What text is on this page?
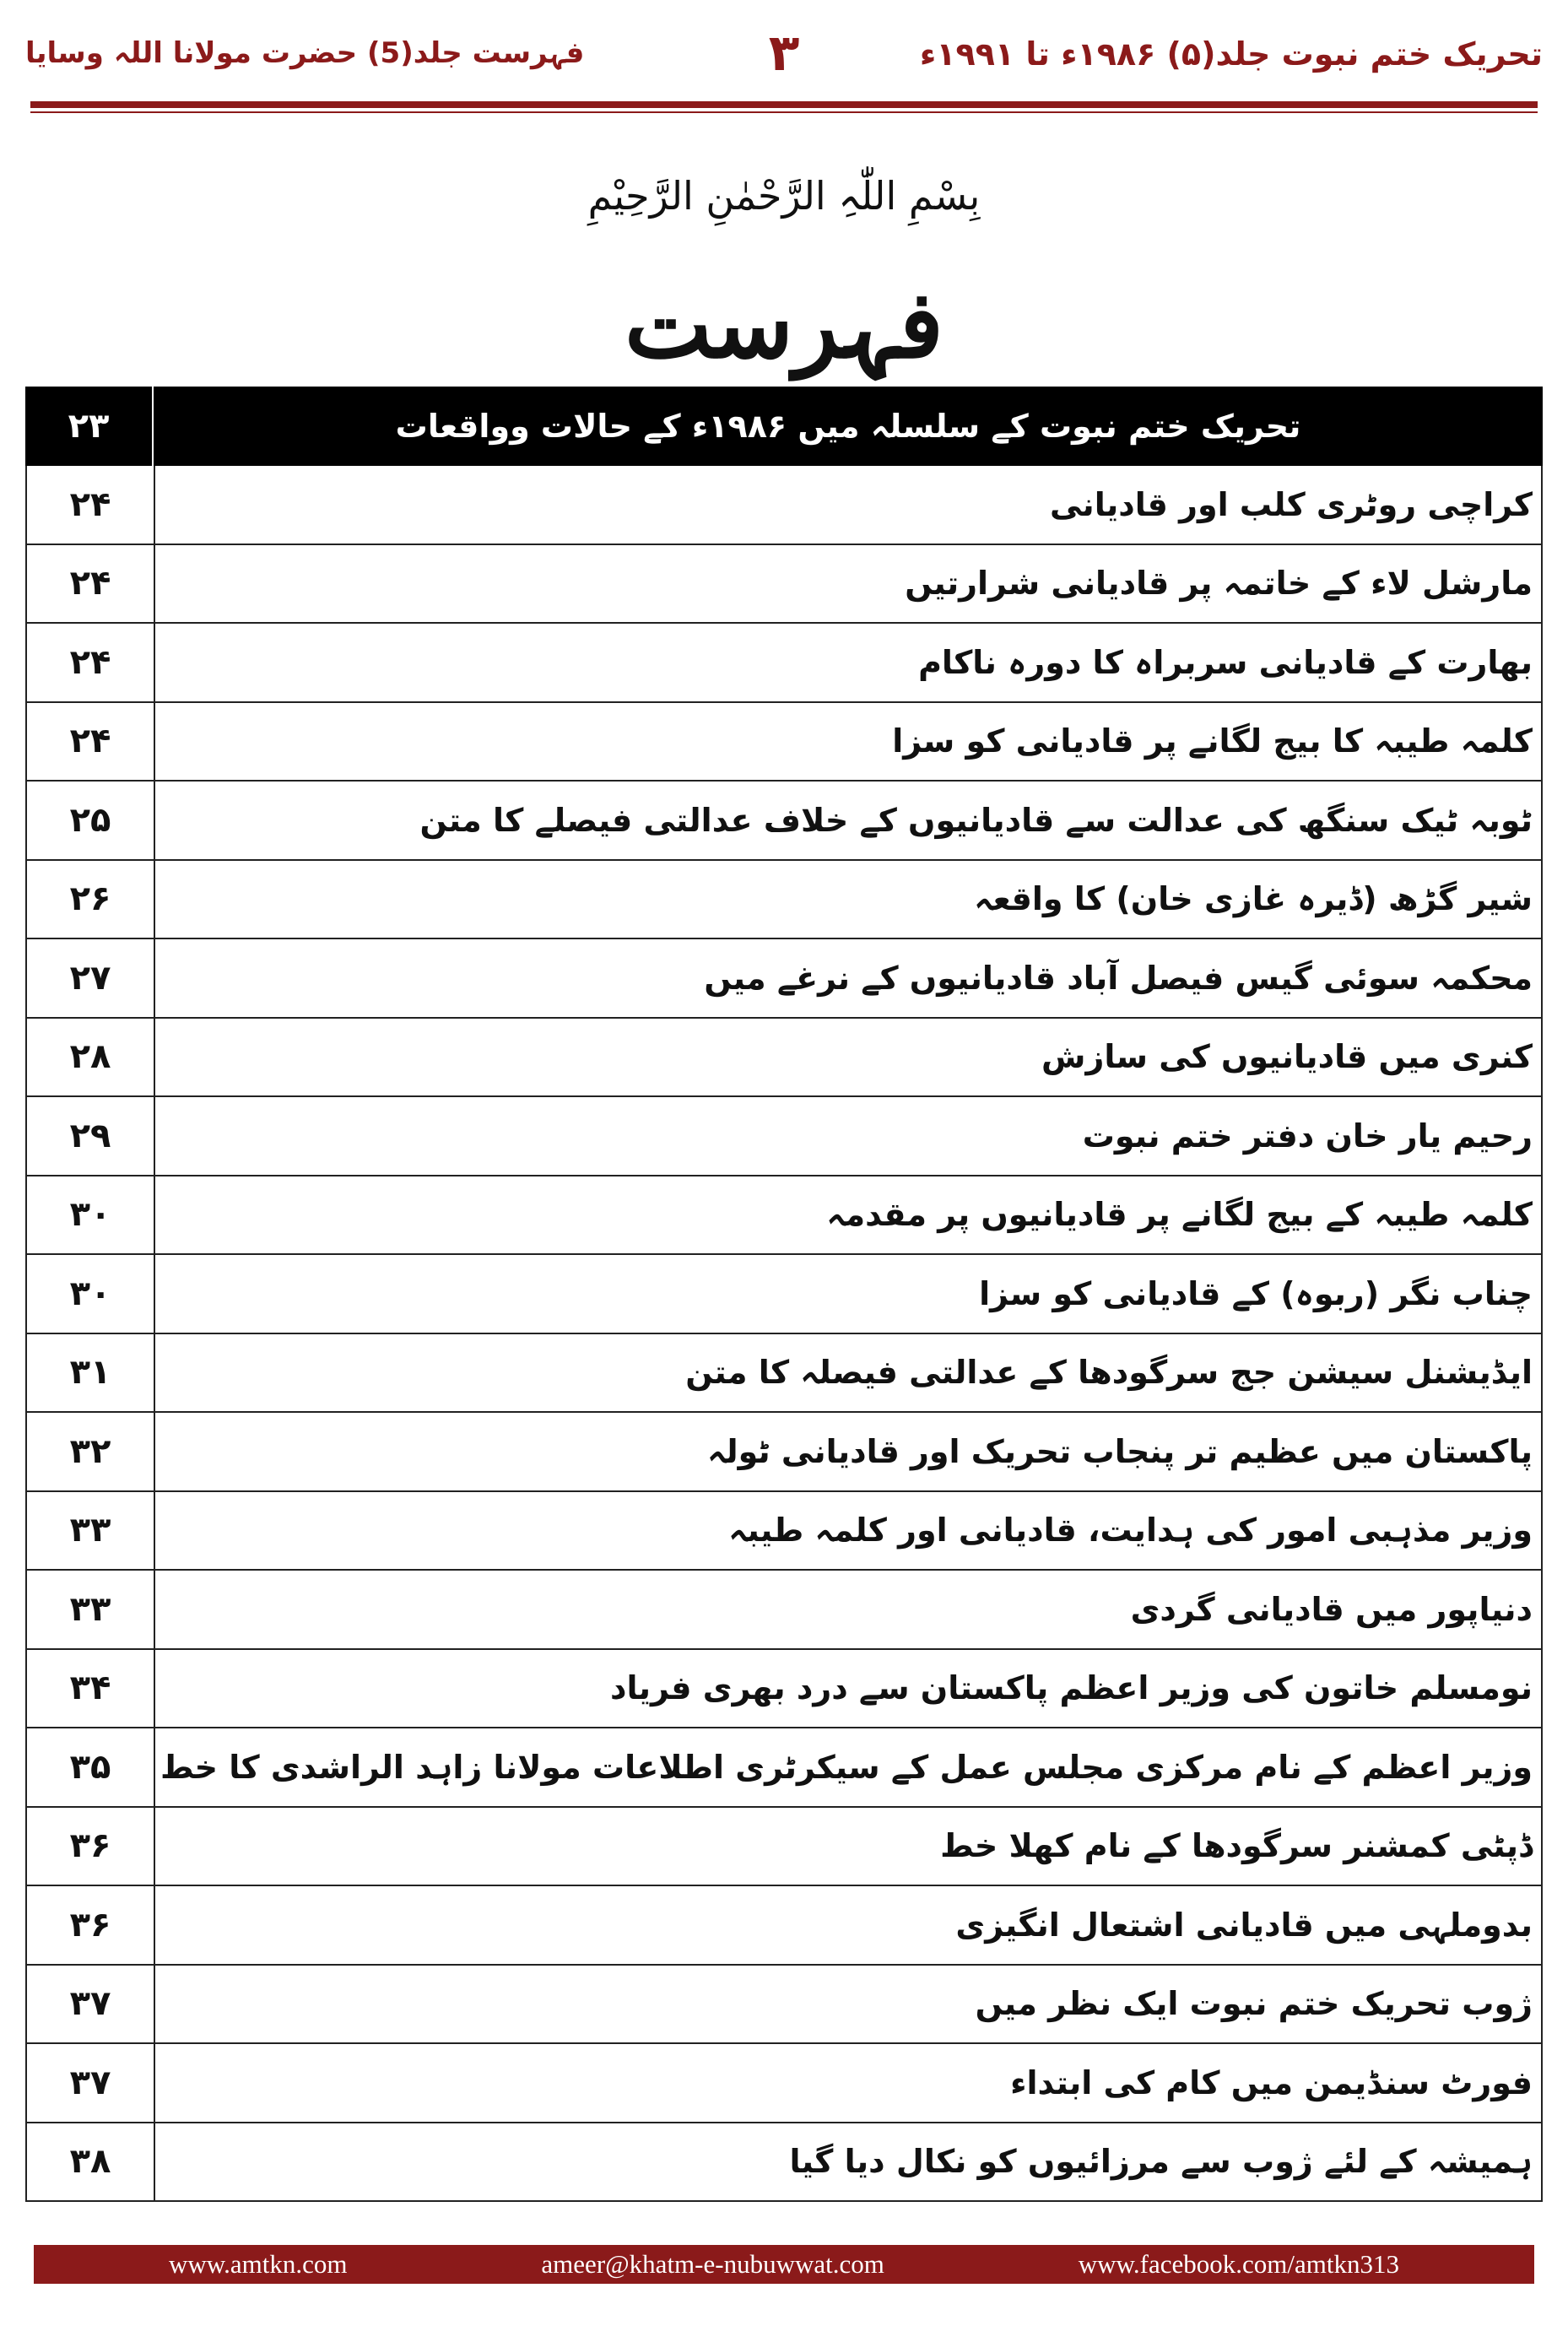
تحریک ختم نبوت جلد(۵) ۱۹۸۶ء تا ۱۹۹۱ء
۳
فہرست جلد(5) حضرت مولانا اللہ وسایا
بِسْمِ اللّٰہِ الرَّحْمٰنِ الرَّحِیْمِ
فہرست
۲۳	تحریک ختم نبوت کے سلسلہ میں ۱۹۸۶ء کے حالات وواقعات
۲۴	کراچی روٹری کلب اور قادیانی
۲۴	مارشل لاء کے خاتمہ پر قادیانی شرارتیں
۲۴	بھارت کے قادیانی سربراہ کا دورہ ناکام
۲۴	کلمہ طیبہ کا بیج لگانے پر قادیانی کو سزا
۲۵	ٹوبہ ٹیک سنگھ کی عدالت سے قادیانیوں کے خلاف عدالتی فیصلے کا متن
۲۶	شیر گڑھ (ڈیرہ غازی خان) کا واقعہ
۲۷	محکمہ سوئی گیس فیصل آباد قادیانیوں کے نرغے میں
۲۸	کنری میں قادیانیوں کی سازش
۲۹	رحیم یار خان دفتر ختم نبوت
۳۰	کلمہ طیبہ کے بیج لگانے پر قادیانیوں پر مقدمہ
۳۰	چناب نگر (ربوہ) کے قادیانی کو سزا
۳۱	ایڈیشنل سیشن جج سرگودھا کے عدالتی فیصلہ کا متن
۳۲	پاکستان میں عظیم تر پنجاب تحریک اور قادیانی ٹولہ
۳۳	وزیر مذہبی امور کی ہدایت، قادیانی اور کلمہ طیبہ
۳۳	دنیاپور میں قادیانی گردی
۳۴	نومسلم خاتون کی وزیر اعظم پاکستان سے درد بھری فریاد
۳۵	وزیر اعظم کے نام مرکزی مجلس عمل کے سیکرٹری اطلاعات مولانا زاہد الراشدی کا خط
۳۶	ڈپٹی کمشنر سرگودھا کے نام کھلا خط
۳۶	بدوملہی میں قادیانی اشتعال انگیزی
۳۷	ژوب تحریک ختم نبوت ایک نظر میں
۳۷	فورٹ سنڈیمن میں کام کی ابتداء
۳۸	ہمیشہ کے لئے ژوب سے مرزائیوں کو نکال دیا گیا
www.amtkn.com	ameer@khatm-e-nubuwwat.com	www.facebook.com/amtkn313
